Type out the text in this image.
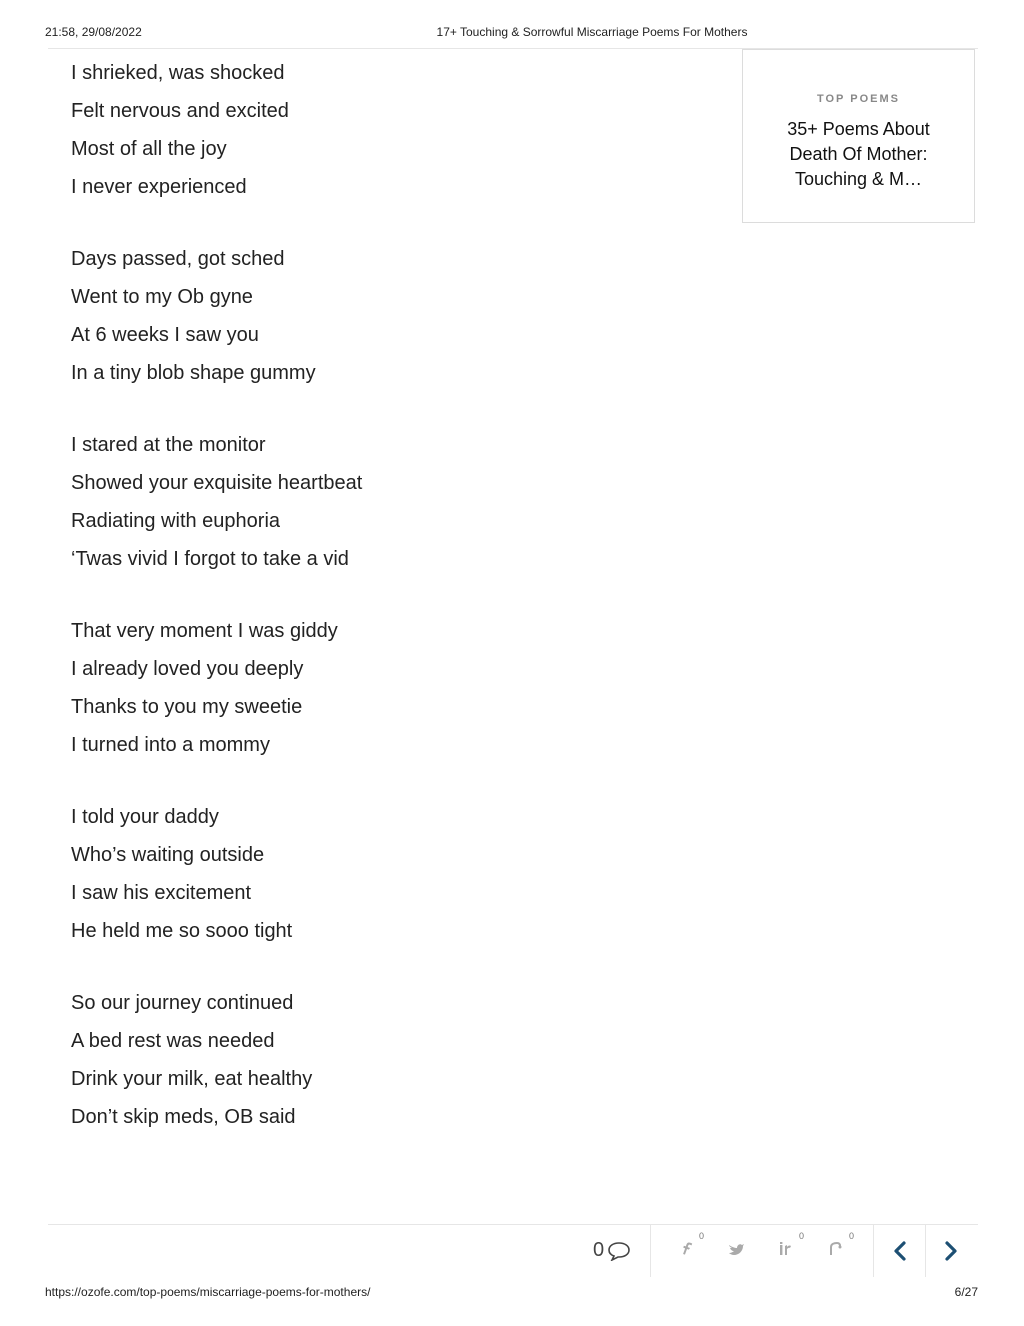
21:58, 29/08/2022	17+ Touching & Sorrowful Miscarriage Poems For Mothers
I shrieked, was shocked
Felt nervous and excited
Most of all the joy
I never experienced
Days passed, got sched
Went to my Ob gyne
At 6 weeks I saw you
In a tiny blob shape gummy
I stared at the monitor
Showed your exquisite heartbeat
Radiating with euphoria
‘Twas vivid I forgot to take a vid
That very moment I was giddy
I already loved you deeply
Thanks to you my sweetie
I turned into a mommy
I told your daddy
Who’s waiting outside
I saw his excitement
He held me so sooo tight
So our journey continued
A bed rest was needed
Drink your milk, eat healthy
Don’t skip meds, OB said
TOP POEMS
35+ Poems About Death Of Mother: Touching & M…
0
0	0	0
https://ozofe.com/top-poems/miscarriage-poems-for-mothers/	6/27
